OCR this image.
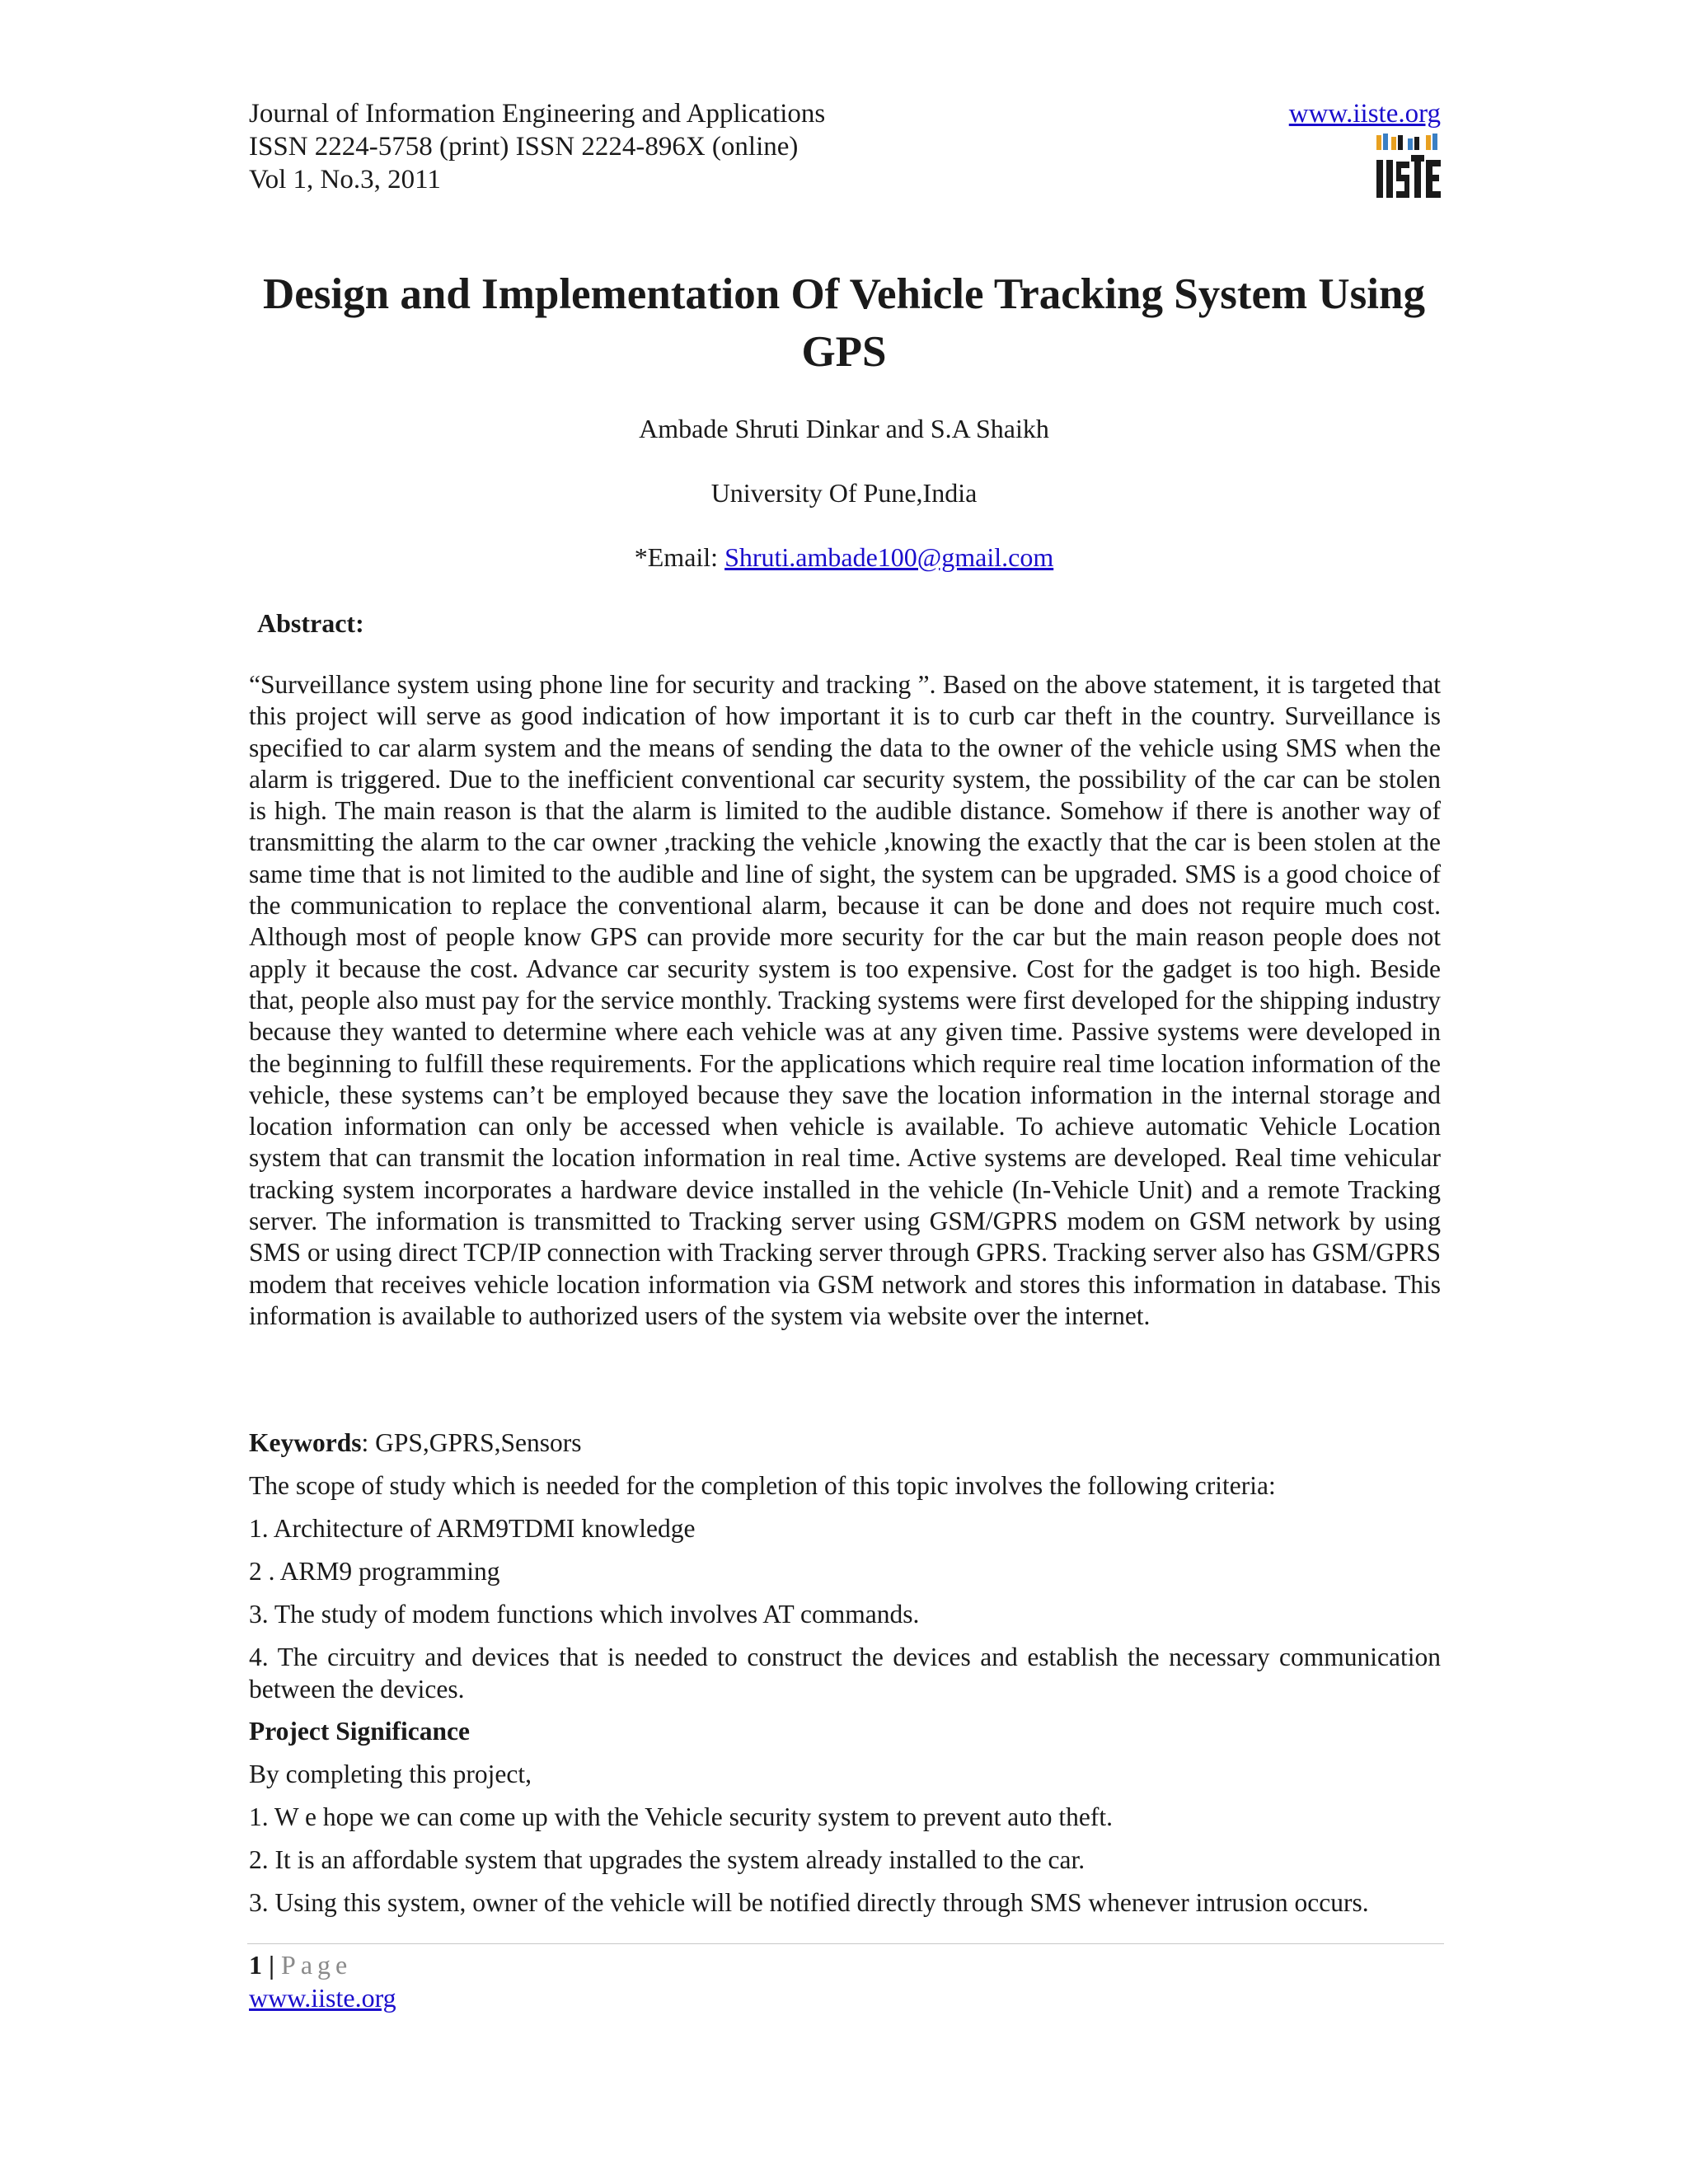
Journal of Information Engineering and Applications
ISSN 2224-5758 (print) ISSN 2224-896X (online)
Vol 1, No.3, 2011
www.iiste.org
Design and Implementation Of Vehicle Tracking System Using GPS
Ambade Shruti Dinkar and S.A Shaikh
University Of Pune,India
*Email: Shruti.ambade100@gmail.com
Abstract:
“Surveillance system using phone line for security and tracking ”. Based on the above statement, it is targeted that this project will serve as good indication of how important it is to curb car theft in the country. Surveillance is specified to car alarm system and the means of sending the data to the owner of the vehicle using SMS when the alarm is triggered. Due to the inefficient conventional car security system, the possibility of the car can be stolen is high. The main reason is that the alarm is limited to the audible distance. Somehow if there is another way of transmitting the alarm to the car owner ,tracking the vehicle ,knowing the exactly that the car is been stolen at the same time that is not limited to the audible and line of sight, the system can be upgraded. SMS is a good choice of the communication to replace the conventional alarm, because it can be done and does not require much cost. Although most of people know GPS can provide more security for the car but the main reason people does not apply it because the cost. Advance car security system is too expensive. Cost for the gadget is too high. Beside that, people also must pay for the service monthly. Tracking systems were first developed for the shipping industry because they wanted to determine where each vehicle was at any given time. Passive systems were developed in the beginning to fulfill these requirements. For the applications which require real time location information of the vehicle, these systems can’t be employed because they save the location information in the internal storage and location information can only be accessed when vehicle is available. To achieve automatic Vehicle Location system that can transmit the location information in real time. Active systems are developed. Real time vehicular tracking system incorporates a hardware device installed in the vehicle (In-Vehicle Unit) and a remote Tracking server. The information is transmitted to Tracking server using GSM/GPRS modem on GSM network by using SMS or using direct TCP/IP connection with Tracking server through GPRS. Tracking server also has GSM/GPRS modem that receives vehicle location information via GSM network and stores this information in database. This information is available to authorized users of the system via website over the internet.
Keywords: GPS,GPRS,Sensors
The scope of study which is needed for the completion of this topic involves the following criteria:
1. Architecture of ARM9TDMI knowledge
2 . ARM9 programming
3. The study of modem functions which involves AT commands.
4. The circuitry and devices that is needed to construct the devices and establish the necessary communication between the devices.
Project Significance
By completing this project,
1. W e hope we can come up with the Vehicle security system to prevent auto theft.
2. It is an affordable system that upgrades the system already installed to the car.
3. Using this system, owner of the vehicle will be notified directly through SMS whenever intrusion occurs.
1 | Page
www.iiste.org
